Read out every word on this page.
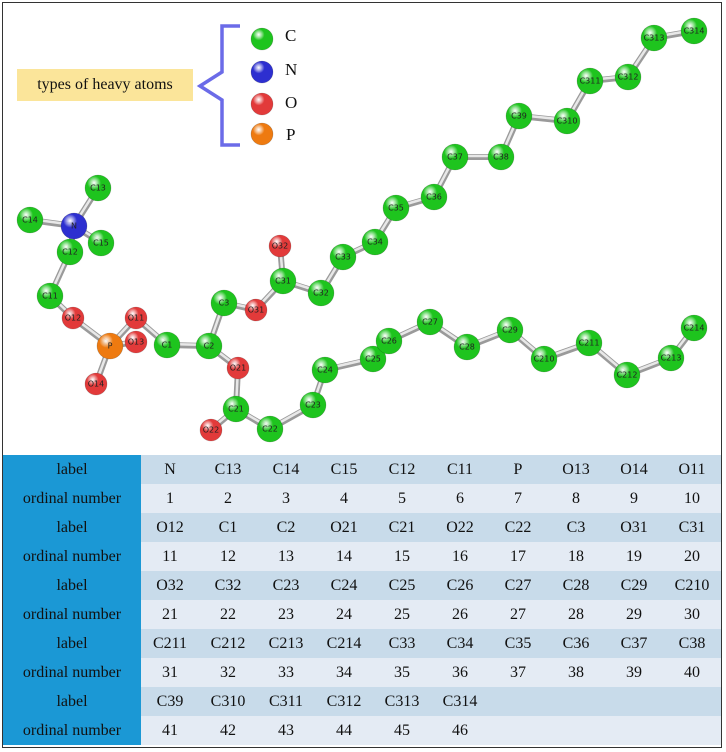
N
C13
C14
C15
C12
C11
P O13
O14
O11
O12
C1	C2
O21
C21
O22	C22
C3
O31
C31
O32
C32
C23
C24
C25
C26
C27
C28
C29
C210
C211
C212
C213
C214
C33
C34
C35
C36
C37	C38
C39
C310
C311 C312
C313
C314
types of heavy atoms
C
N
O
P
label	N	C13	C14	C15	C12	C11	P	O13	O14	O11
ordinal number	1	2	3	4	5	6	7	8	9	10
label	O12	C1	C2	O21	C21	O22	C22	C3	O31	C31
ordinal number	11	12	13	14	15	16	17	18	19	20
label	O32	C32	C23	C24	C25	C26	C27	C28	C29	C210
ordinal number	21	22	23	24	25	26	27	28	29	30
label	C211	C212	C213	C214	C33	C34	C35	C36	C37	C38
ordinal number	31	32	33	34	35	36	37	38	39	40
label	C39	C310	C311	C312	C313	C314				
ordinal number	41	42	43	44	45	46				
